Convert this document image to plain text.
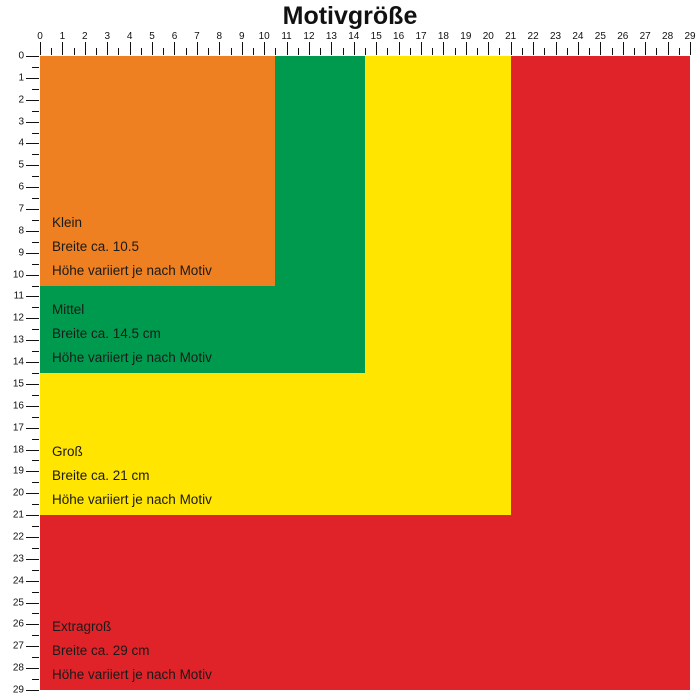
Motivgröße
0 1 2 3 4 5 6 7 8 9 10 11 12 13 14 15 16 17 18 19 20 21 22 23 24 25 26 27 28 29
0
1
2
3
4
5
6
7
8
9
10
11
12
13
14
15
16
17
18
19
20
21
22
23
24
25
26
27
28
29
Klein
Breite ca. 10.5
Höhe variiert je nach Motiv
Mittel
Breite ca. 14.5 cm
Höhe variiert je nach Motiv
Groß
Breite ca. 21 cm
Höhe variiert je nach Motiv
Extragroß
Breite ca. 29 cm
Höhe variiert je nach Motiv
